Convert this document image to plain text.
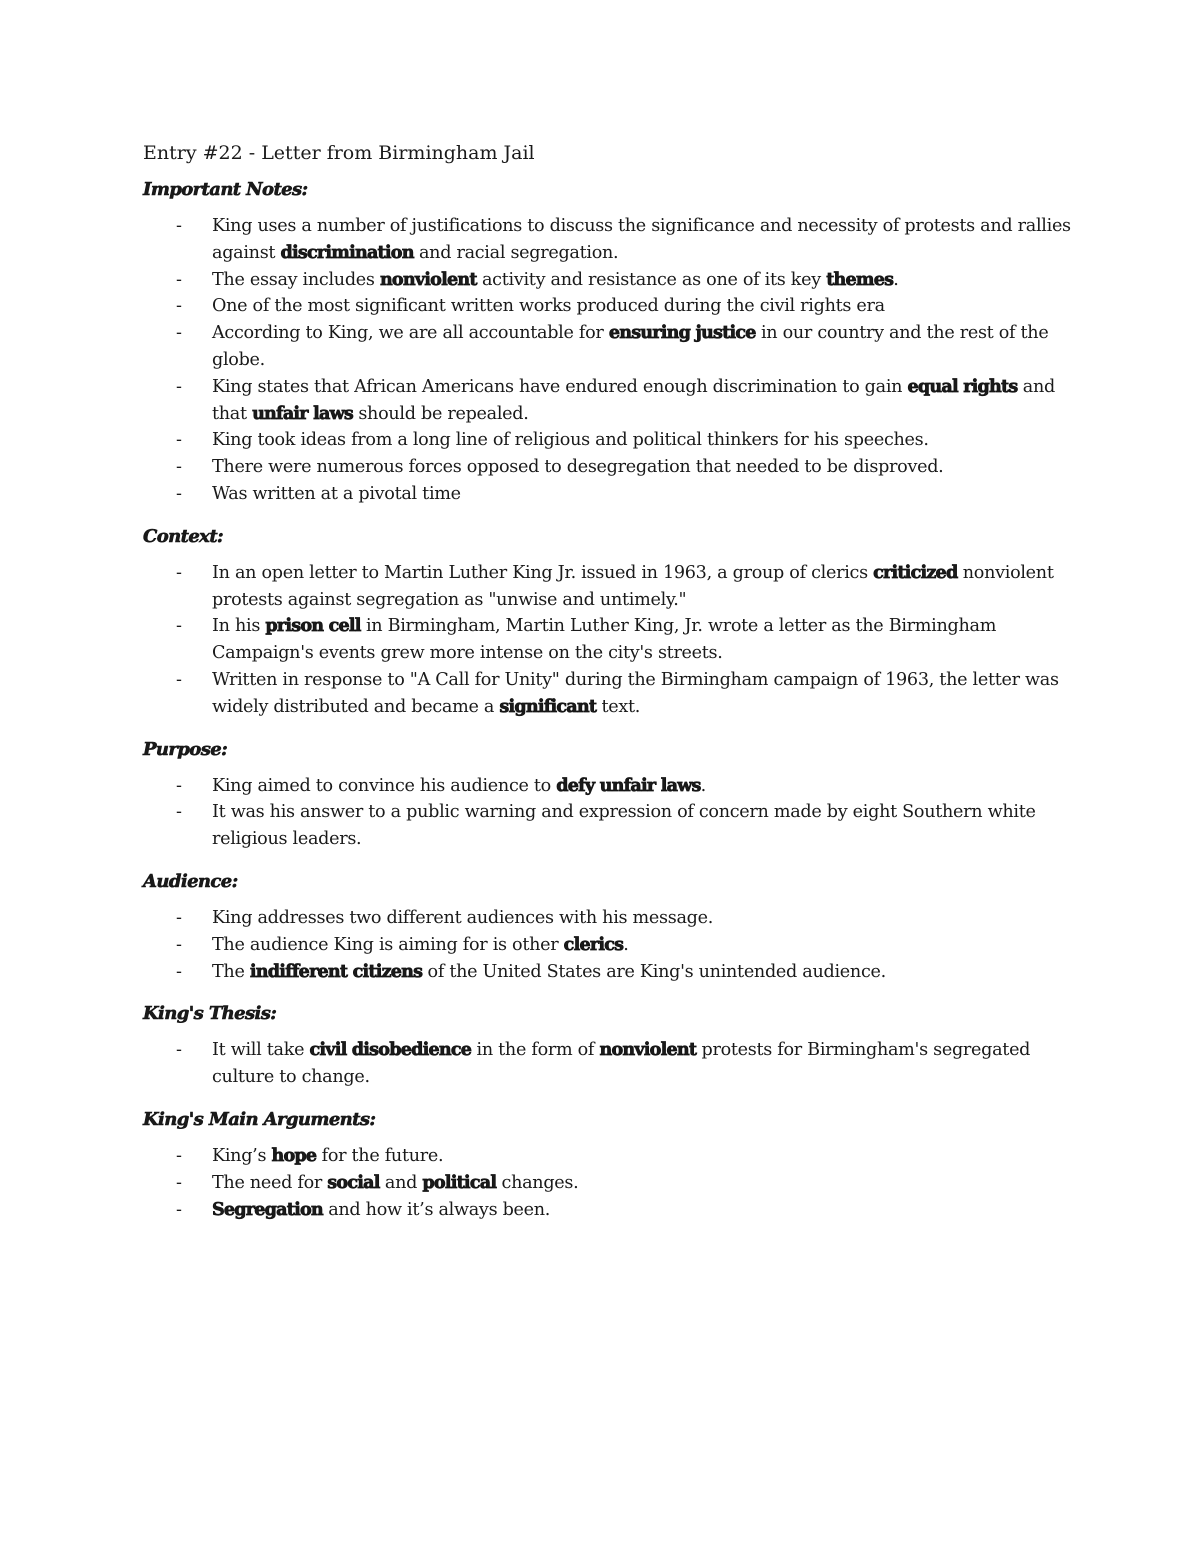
Entry #22 - Letter from Birmingham Jail
Important Notes:
- King uses a number of justifications to discuss the significance and necessity of protests and rallies against discrimination and racial segregation.
- The essay includes nonviolent activity and resistance as one of its key themes.
- One of the most significant written works produced during the civil rights era
- According to King, we are all accountable for ensuring justice in our country and the rest of the globe.
- King states that African Americans have endured enough discrimination to gain equal rights and that unfair laws should be repealed.
- King took ideas from a long line of religious and political thinkers for his speeches.
- There were numerous forces opposed to desegregation that needed to be disproved.
- Was written at a pivotal time
Context:
- In an open letter to Martin Luther King Jr. issued in 1963, a group of clerics criticized nonviolent protests against segregation as "unwise and untimely."
- In his prison cell in Birmingham, Martin Luther King, Jr. wrote a letter as the Birmingham Campaign's events grew more intense on the city's streets.
- Written in response to "A Call for Unity" during the Birmingham campaign of 1963, the letter was widely distributed and became a significant text.
Purpose:
- King aimed to convince his audience to defy unfair laws.
- It was his answer to a public warning and expression of concern made by eight Southern white religious leaders.
Audience:
- King addresses two different audiences with his message.
- The audience King is aiming for is other clerics.
- The indifferent citizens of the United States are King's unintended audience.
King's Thesis:
- It will take civil disobedience in the form of nonviolent protests for Birmingham's segregated culture to change.
King's Main Arguments:
- King’s hope for the future.
- The need for social and political changes.
- Segregation and how it’s always been.
